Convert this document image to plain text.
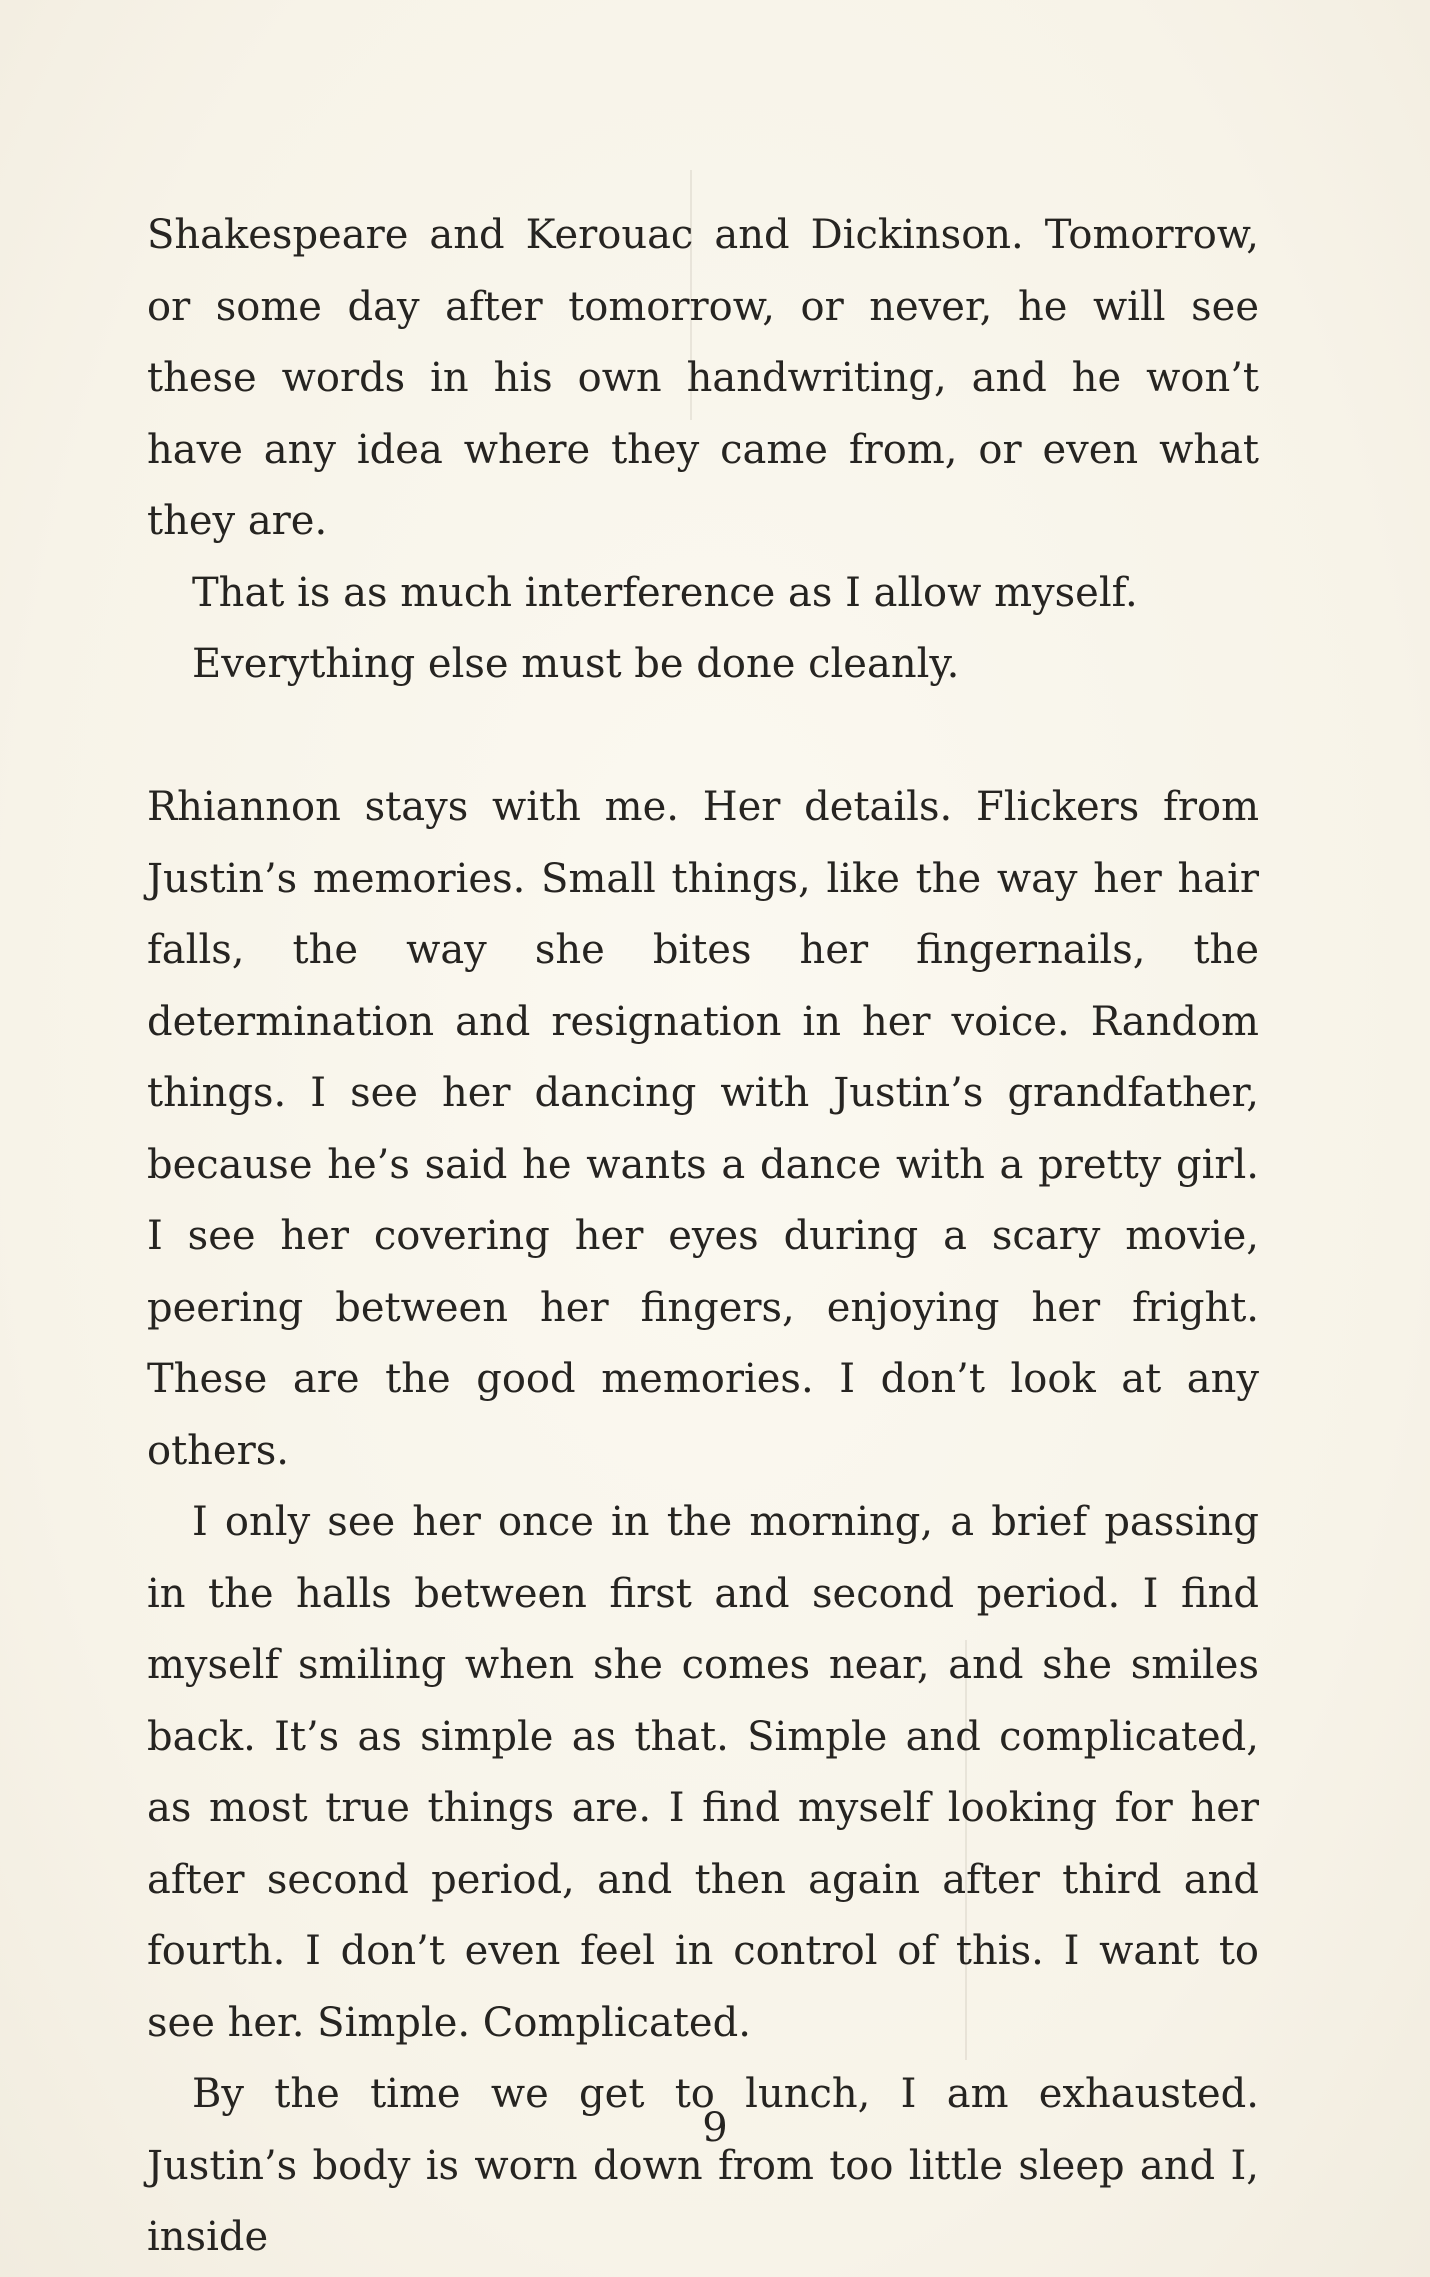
Shakespeare and Kerouac and Dickinson. Tomorrow, or some day after tomorrow, or never, he will see these words in his own handwriting, and he won’t have any idea where they came from, or even what they are.

That is as much interference as I allow myself.

Everything else must be done cleanly.

Rhiannon stays with me. Her details. Flickers from Justin’s memories. Small things, like the way her hair falls, the way she bites her fingernails, the determination and resignation in her voice. Random things. I see her dancing with Justin’s grandfather, because he’s said he wants a dance with a pretty girl. I see her covering her eyes during a scary movie, peering between her fingers, enjoying her fright. These are the good memories. I don’t look at any others.

I only see her once in the morning, a brief passing in the halls between first and second period. I find myself smiling when she comes near, and she smiles back. It’s as simple as that. Simple and complicated, as most true things are. I find myself looking for her after second period, and then again after third and fourth. I don’t even feel in control of this. I want to see her. Simple. Complicated.

By the time we get to lunch, I am exhausted. Justin’s body is worn down from too little sleep and I, inside

9
